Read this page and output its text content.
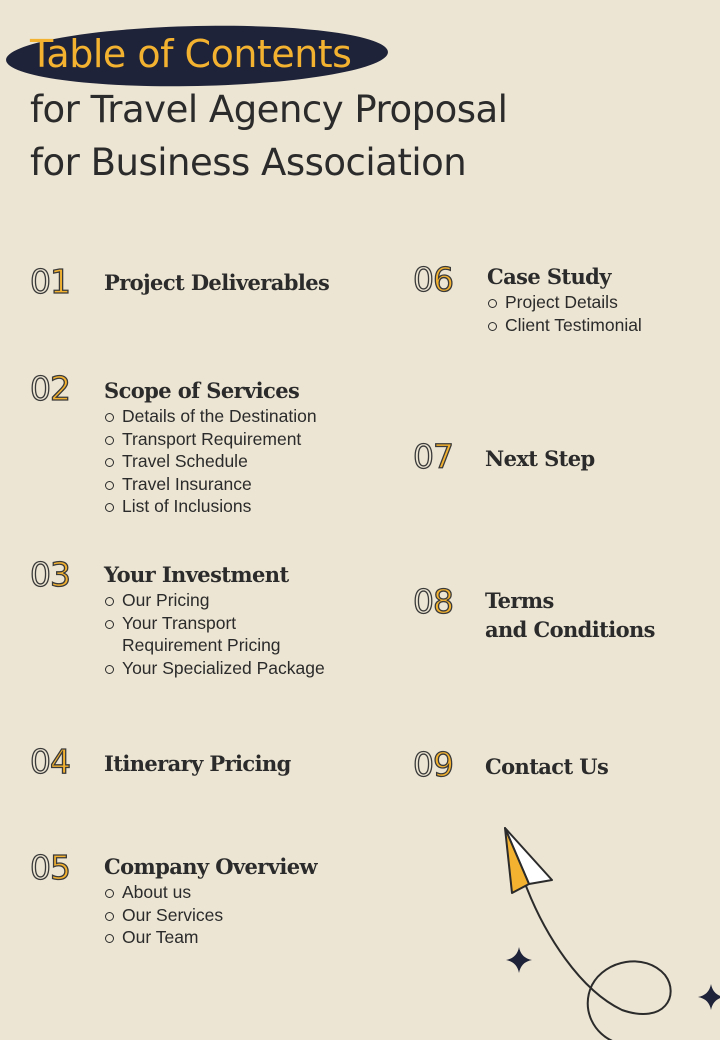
Table of Contents
for Travel Agency Proposal
for Business Association
01 Project Deliverables
02 Scope of Services
Details of the Destination
Transport Requirement
Travel Schedule
Travel Insurance
List of Inclusions
03 Your Investment
Our Pricing
Your Transport Requirement Pricing
Your Specialized Package
04 Itinerary Pricing
05 Company Overview
About us
Our Services
Our Team
06 Case Study
Project Details
Client Testimonial
07 Next Step
08 Terms
and Conditions
09 Contact Us
